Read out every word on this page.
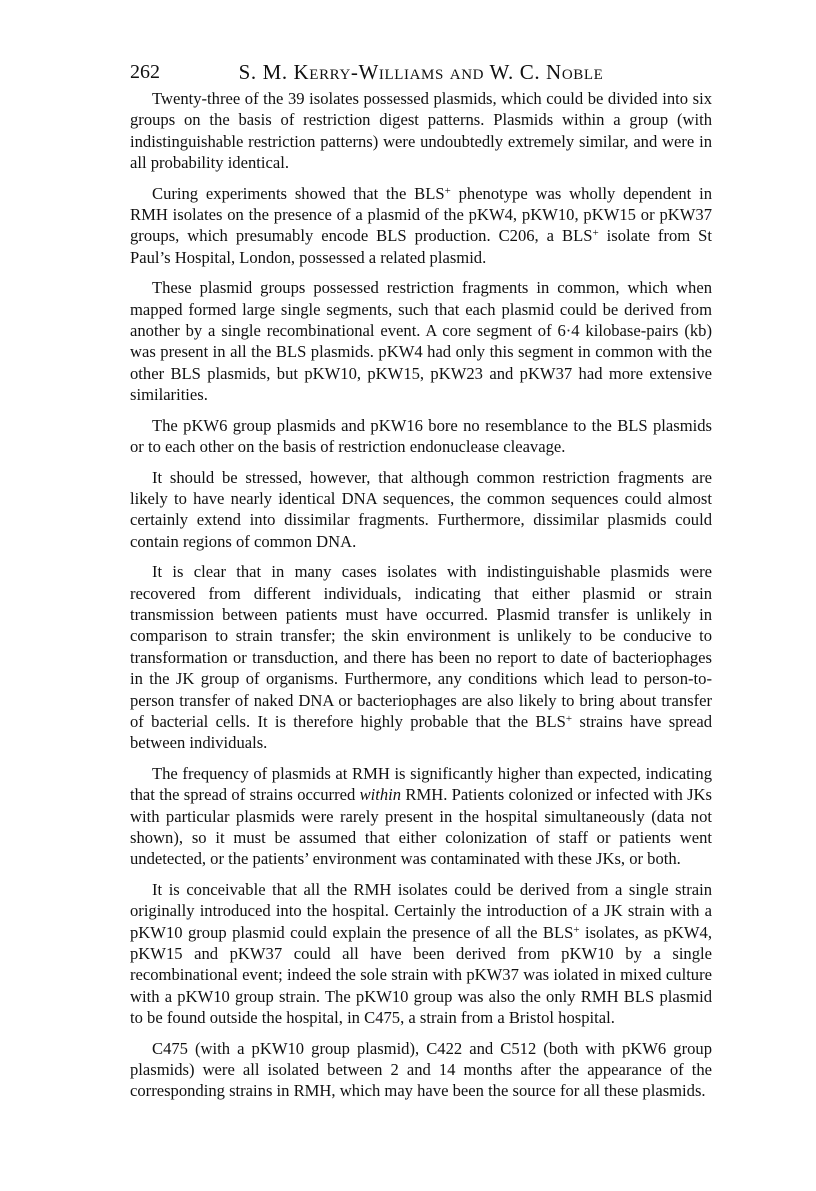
262	S. M. Kerry-Williams and W. C. Noble

Twenty-three of the 39 isolates possessed plasmids, which could be divided into six groups on the basis of restriction digest patterns. Plasmids within a group (with indistinguishable restriction patterns) were undoubtedly extremely similar, and were in all probability identical.

Curing experiments showed that the BLS+ phenotype was wholly dependent in RMH isolates on the presence of a plasmid of the pKW4, pKW10, pKW15 or pKW37 groups, which presumably encode BLS production. C206, a BLS+ isolate from St Paul’s Hospital, London, possessed a related plasmid.

These plasmid groups possessed restriction fragments in common, which when mapped formed large single segments, such that each plasmid could be derived from another by a single recombinational event. A core segment of 6·4 kilobase-pairs (kb) was present in all the BLS plasmids. pKW4 had only this segment in common with the other BLS plasmids, but pKW10, pKW15, pKW23 and pKW37 had more extensive similarities.

The pKW6 group plasmids and pKW16 bore no resemblance to the BLS plasmids or to each other on the basis of restriction endonuclease cleavage.

It should be stressed, however, that although common restriction fragments are likely to have nearly identical DNA sequences, the common sequences could almost certainly extend into dissimilar fragments. Furthermore, dissimilar plasmids could contain regions of common DNA.

It is clear that in many cases isolates with indistinguishable plasmids were recovered from different individuals, indicating that either plasmid or strain transmission between patients must have occurred. Plasmid transfer is unlikely in comparison to strain transfer; the skin environment is unlikely to be conducive to transformation or transduction, and there has been no report to date of bacteriophages in the JK group of organisms. Furthermore, any conditions which lead to person-to-person transfer of naked DNA or bacteriophages are also likely to bring about transfer of bacterial cells. It is therefore highly probable that the BLS+ strains have spread between individuals.

The frequency of plasmids at RMH is significantly higher than expected, indicating that the spread of strains occurred within RMH. Patients colonized or infected with JKs with particular plasmids were rarely present in the hospital simultaneously (data not shown), so it must be assumed that either colonization of staff or patients went undetected, or the patients’ environment was contaminated with these JKs, or both.

It is conceivable that all the RMH isolates could be derived from a single strain originally introduced into the hospital. Certainly the introduction of a JK strain with a pKW10 group plasmid could explain the presence of all the BLS+ isolates, as pKW4, pKW15 and pKW37 could all have been derived from pKW10 by a single recombinational event; indeed the sole strain with pKW37 was iolated in mixed culture with a pKW10 group strain. The pKW10 group was also the only RMH BLS plasmid to be found outside the hospital, in C475, a strain from a Bristol hospital.

C475 (with a pKW10 group plasmid), C422 and C512 (both with pKW6 group plasmids) were all isolated between 2 and 14 months after the appearance of the corresponding strains in RMH, which may have been the source for all these plasmids.
